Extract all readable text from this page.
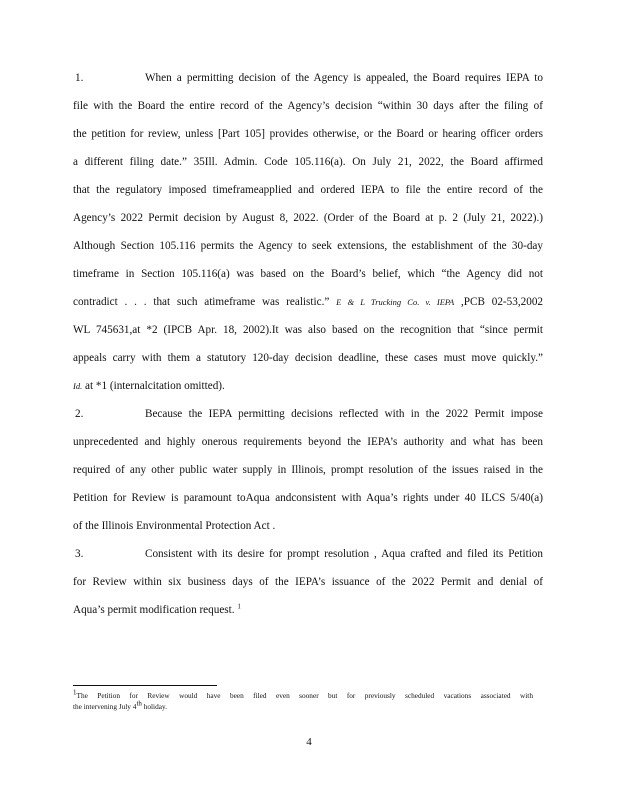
1.	When a permitting decision of the Agency is appealed, the Board requires IEPA to
file with the Board the entire record of the Agency’s decision “within 30 days after the filing of
the petition for review, unless [Part 105] provides otherwise, or the Board or hearing officer orders
a different filing date.” 35Ill. Admin. Code 105.116(a). On July 21, 2022, the Board affirmed
that the regulatory imposed timeframeapplied and ordered IEPA to file the entire record of the
Agency’s 2022 Permit decision by August 8, 2022. (Order of the Board at p. 2 (July 21, 2022).)
Although Section 105.116 permits the Agency to seek extensions, the establishment of the 30-day
timeframe in Section 105.116(a) was based on the Board’s belief, which “the Agency did not
contradict . . . that such atimeframe was realistic.” E & L Trucking Co. v. IEPA ,PCB 02-53,2002
WL 745631,at *2 (IPCB Apr. 18, 2002).It was also based on the recognition that “since permit
appeals carry with them a statutory 120-day decision deadline, these cases must move quickly.”
Id. at *1 (internalcitation omitted).
2.	Because the IEPA permitting decisions reflected with in the 2022 Permit impose
unprecedented and highly onerous requirements beyond the IEPA’s authority and what has been
required of any other public water supply in Illinois, prompt resolution of the issues raised in the
Petition for Review is paramount toAqua andconsistent with Aqua’s rights under 40 ILCS 5/40(a)
of the Illinois Environmental Protection Act .
3.	Consistent with its desire for prompt resolution , Aqua crafted and filed its Petition
for Review within six business days of the IEPA’s issuance of the 2022 Permit and denial of
Aqua’s permit modification request. $^1$
1The Petition for Review would have been filed even sooner but for previously scheduled vacations associated with
the intervening July 4th holiday.
4
